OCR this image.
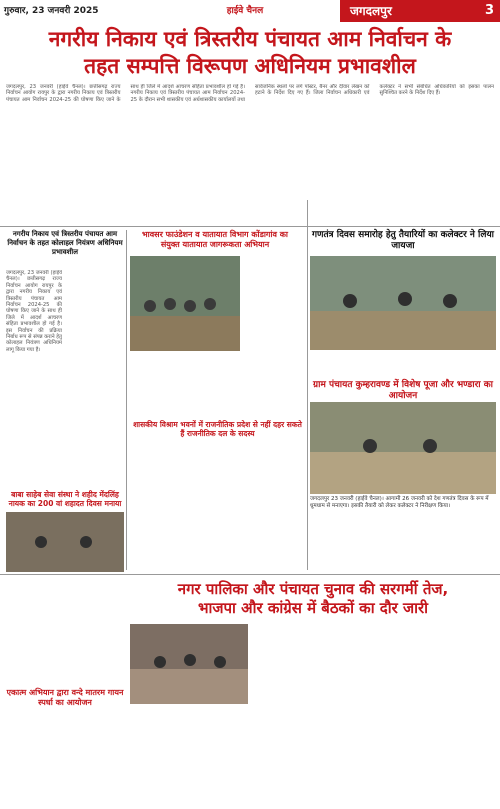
गुरुवार, 23 जनवरी 2025	हाईवे चैनल	जगदलपुर	3
नगरीय निकाय एवं त्रिस्तरीय पंचायत आम निर्वाचन के
तहत सम्पत्ति विरूपण अधिनियम प्रभावशील

जगदलपुर, 23 जनवरी (हाईवे चैनल)। छत्तीसगढ़ राज्य निर्वाचन आयोग रायपुर के द्वारा नगरीय निकाय एवं त्रिस्तरीय पंचायत आम निर्वाचन 2024-25 की घोषणा किए जाने के साथ ही जिले में आदर्श आचरण संहिता प्रभावशील हो गई है। नगरीय निकाय एवं त्रिस्तरीय पंचायत आम निर्वाचन 2024-25 के दौरान सभी शासकीय एवं अर्धशासकीय कार्यालयों तथा सार्वजनिक स्थलों पर लगे पोस्टर, बैनर और दीवार लेखन को हटाने के निर्देश दिए गए हैं। जिला निर्वाचन अधिकारी एवं कलेक्टर ने सभी संबंधित अधिकारियों को इसका पालन सुनिश्चित करने के निर्देश दिए हैं।

नगरीय निकाय एवं त्रिस्तरीय पंचायत आम निर्वाचन के तहत कोलाहल नियंत्रण अधिनियम प्रभावशील

जगदलपुर, 23 जनवरी (हाईवे चैनल)। छत्तीसगढ़ राज्य निर्वाचन आयोग रायपुर के द्वारा नगरीय निकाय एवं त्रिस्तरीय पंचायत आम निर्वाचन 2024-25 की घोषणा किए जाने के साथ ही जिले में आदर्श आचरण संहिता प्रभावशील हो गई है। इस निर्वाचन की प्रक्रिया निर्बाध रूप से संपन्न कराने हेतु कोलाहल नियंत्रण अधिनियम लागू किया गया है।

भावसर फाउंडेशन व यातायात विभाग कोंडागांव का संयुक्त यातायात जागरूकता अभियान
गणतंत्र दिवस समारोह हेतु तैयारियों का कलेक्टर ने लिया जायजा
ग्राम पंचायत कुम्हरावण्ड में विशेष पूजा और भण्डारा का आयोजन
जगदलपुर 23 जनवरी (हाईवे चैनल)। आगामी 26 जनवरी को देश गणतंत्र दिवस के रूप में धूमधाम से मनाएगा। इसकी तैयारी को लेकर कलेक्टर ने निरीक्षण किया।
शासकीय विश्राम भवनों में राजनीतिक प्रदेश से नहीं दहर सकते हैं राजनीतिक दल के सदस्य
बाबा साहेब सेवा संस्था ने शहीद मेंदलिंह नायक का 200 वां शहादत दिवस मनाया
एकात्म अभियान द्वारा वन्दे मातरम गायन स्पर्धा का आयोजन
नगर पालिका और पंचायत चुनाव की सरगर्मी तेज,
भाजपा और कांग्रेस में बैठकों का दौर जारी
